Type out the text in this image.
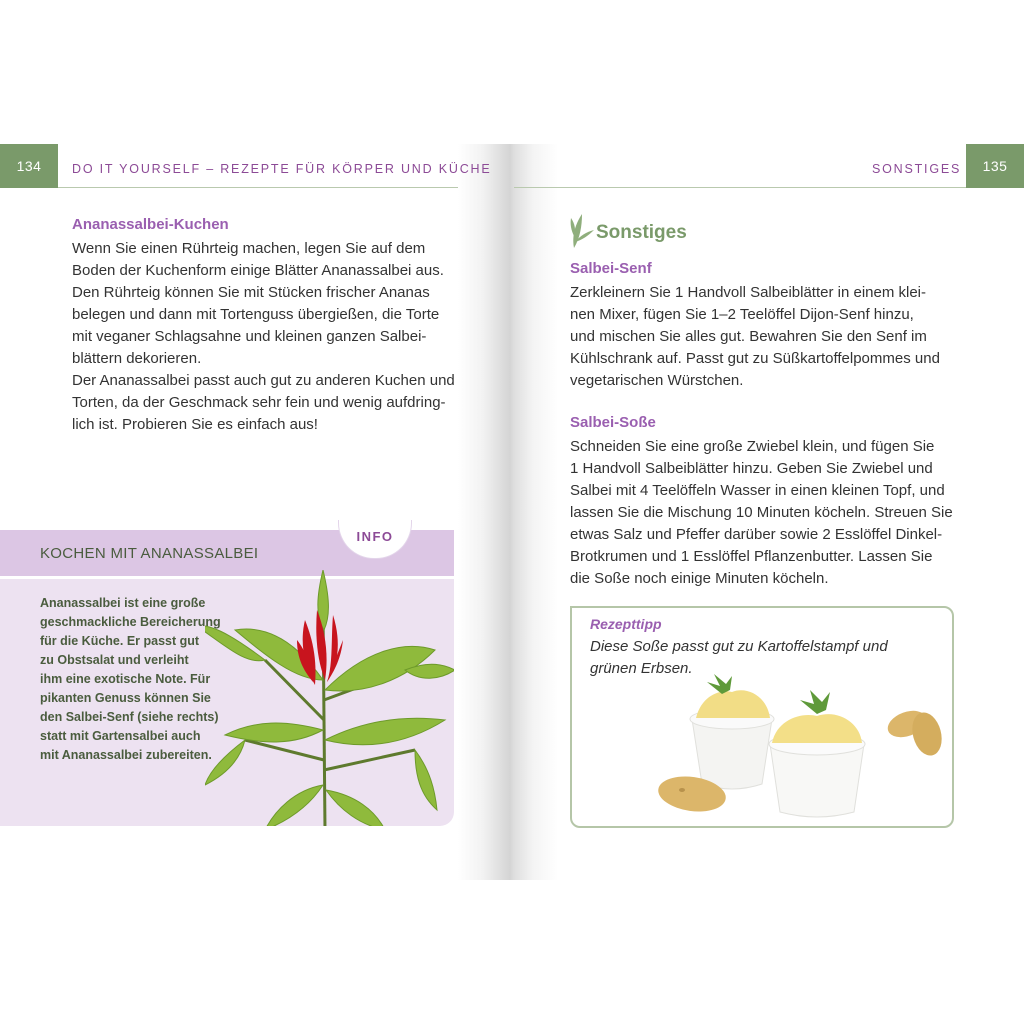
134	DO IT YOURSELF – REZEPTE FÜR KÖRPER UND KÜCHE	135
SONSTIGES
Ananassalbei-Kuchen

Wenn Sie einen Rührteig machen, legen Sie auf dem

Boden der Kuchenform einige Blätter Ananassalbei aus.

Den Rührteig können Sie mit Stücken frischer Ananas

belegen und dann mit Tortenguss übergießen, die Torte

mit veganer Schlagsahne und kleinen ganzen Salbei-

blättern dekorieren.

Der Ananassalbei passt auch gut zu anderen Kuchen und

Torten, da der Geschmack sehr fein und wenig aufdring-

lich ist. Probieren Sie es einfach aus!

KOCHEN MIT ANANASSALBEI
INFO
Ananassalbei ist eine große
geschmackliche Bereicherung
für die Küche. Er passt gut
zu Obstsalat und verleiht
ihm eine exotische Note. Für
pikanten Genuss können Sie
den Salbei-Senf (siehe rechts)
statt mit Gartensalbei auch
mit Ananassalbei zubereiten.
Sonstiges
Salbei-Senf

Zerkleinern Sie 1 Handvoll Salbeiblätter in einem klei-

nen Mixer, fügen Sie 1–2 Teelöffel Dijon-Senf hinzu,

und mischen Sie alles gut. Bewahren Sie den Senf im

Kühlschrank auf. Passt gut zu Süßkartoffelpommes und

vegetarischen Würstchen.

Salbei-Soße

Schneiden Sie eine große Zwiebel klein, und fügen Sie

1 Handvoll Salbeiblätter hinzu. Geben Sie Zwiebel und

Salbei mit 4 Teelöffeln Wasser in einen kleinen Topf, und

lassen Sie die Mischung 10 Minuten köcheln. Streuen Sie

etwas Salz und Pfeffer darüber sowie 2 Esslöffel Dinkel-

Brotkrumen und 1 Esslöffel Pflanzenbutter. Lassen Sie

die Soße noch einige Minuten köcheln.

Rezepttipp
Diese Soße passt gut zu Kartoffelstampf und
grünen Erbsen.
